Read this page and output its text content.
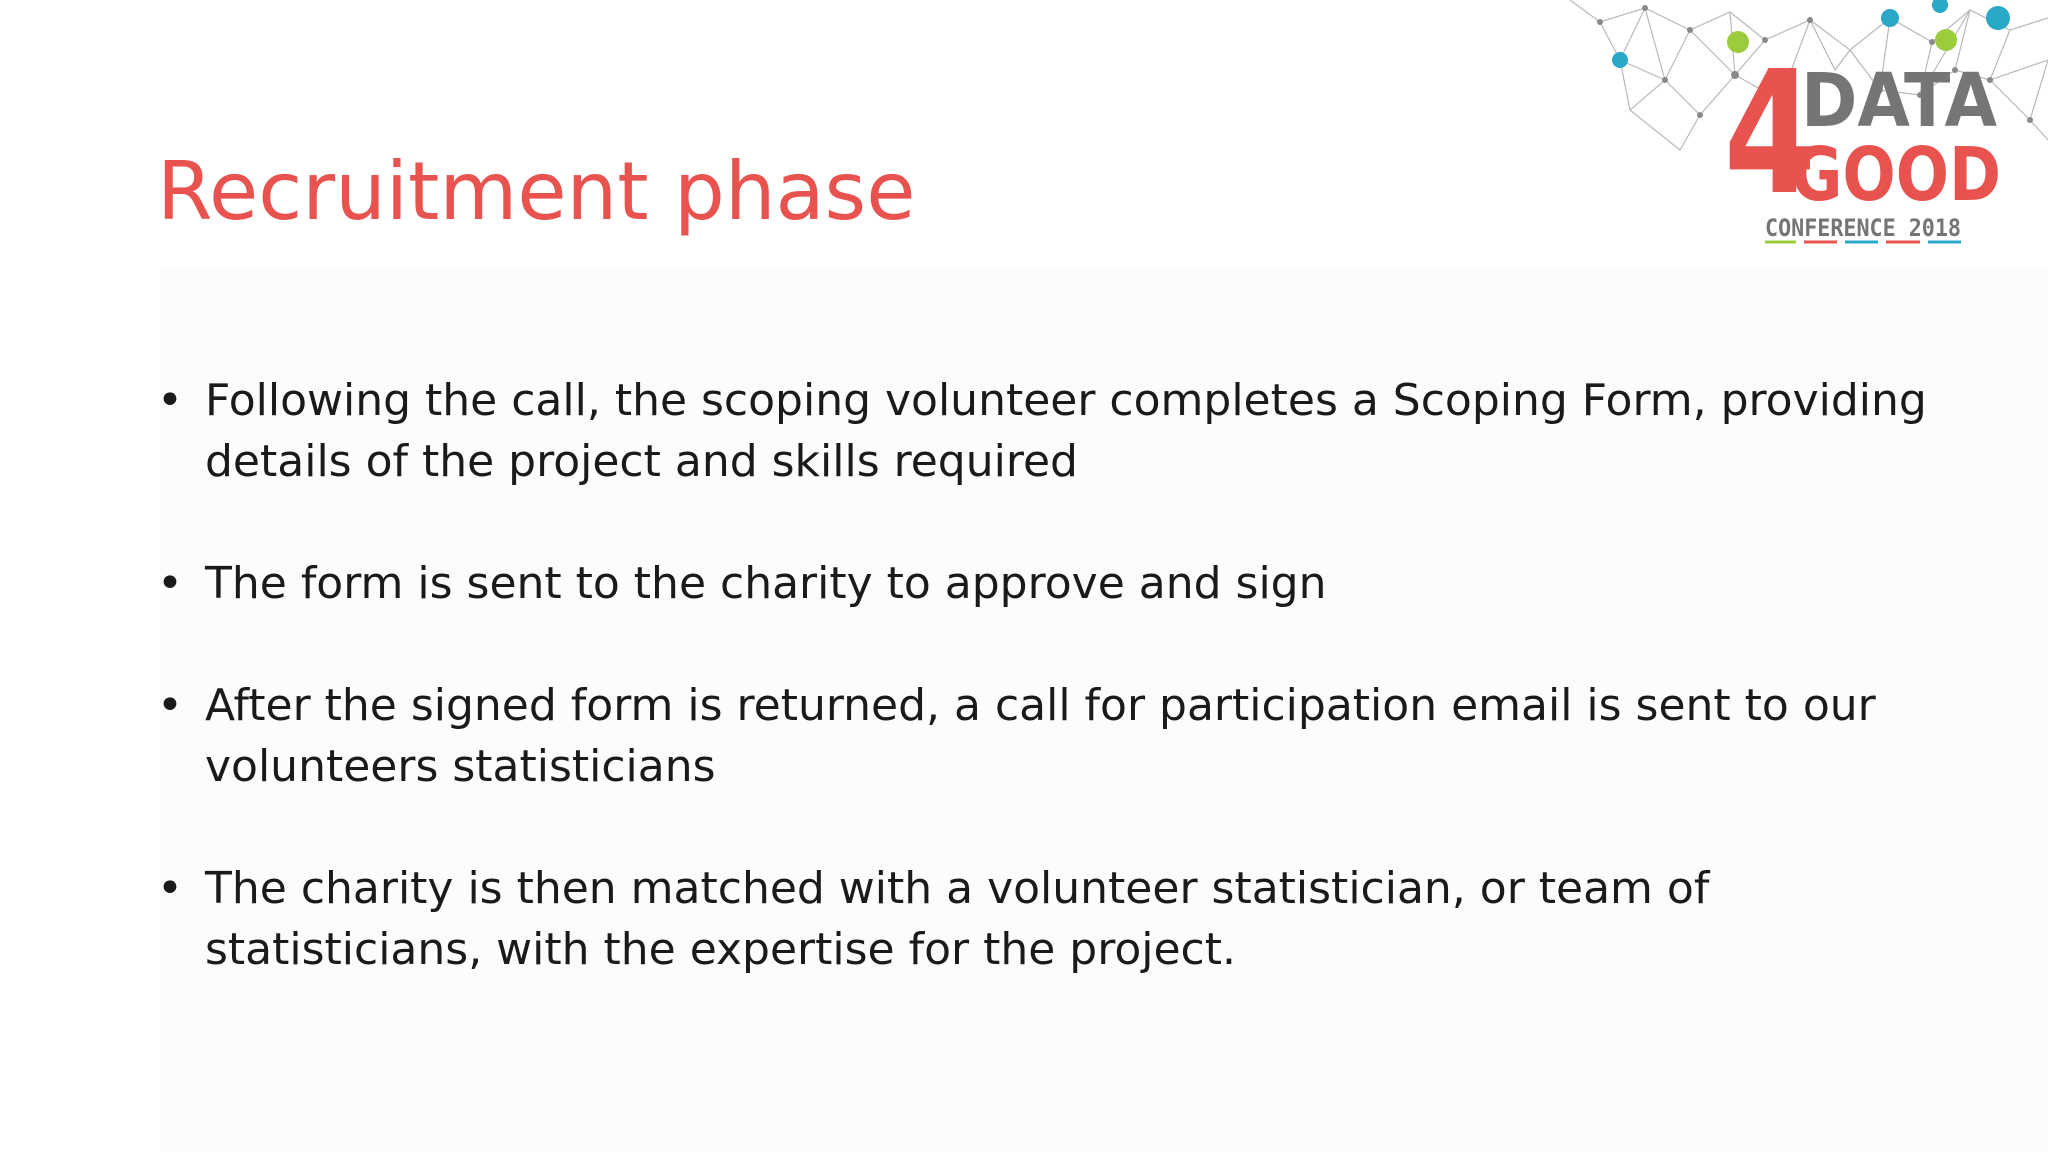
Recruitment phase
• Following the call, the scoping volunteer completes a Scoping Form, providing details of the project and skills required
• The form is sent to the charity to approve and sign
• After the signed form is returned, a call for participation email is sent to our volunteers statisticians
• The charity is then matched with a volunteer statistician, or team of statisticians, with the expertise for the project.
4
DATA
GOOD
CONFERENCE 2018
